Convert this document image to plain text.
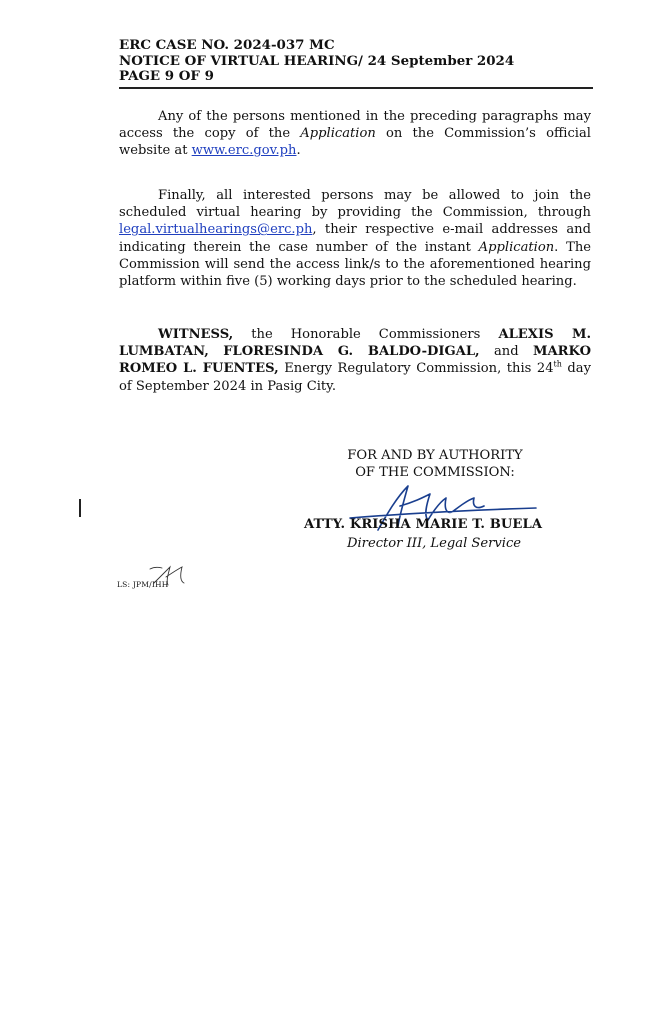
ERC CASE NO. 2024-037 MC
NOTICE OF VIRTUAL HEARING/ 24 September 2024
PAGE 9 OF 9

Any of the persons mentioned in the preceding paragraphs may access the copy of the Application on the Commission’s official website at www.erc.gov.ph.

Finally, all interested persons may be allowed to join the scheduled virtual hearing by providing the Commission, through legal.virtualhearings@erc.ph, their respective e-mail addresses and indicating therein the case number of the instant Application. The Commission will send the access link/s to the aforementioned hearing platform within five (5) working days prior to the scheduled hearing.

WITNESS, the Honorable Commissioners ALEXIS M. LUMBATAN, FLORESINDA G. BALDO-DIGAL, and MARKO ROMEO L. FUENTES, Energy Regulatory Commission, this 24th day of September 2024 in Pasig City.

FOR AND BY AUTHORITY
OF THE COMMISSION:
ATTY. KRISHA MARIE T. BUELA
Director III, Legal Service
LS: JPM/IHH
